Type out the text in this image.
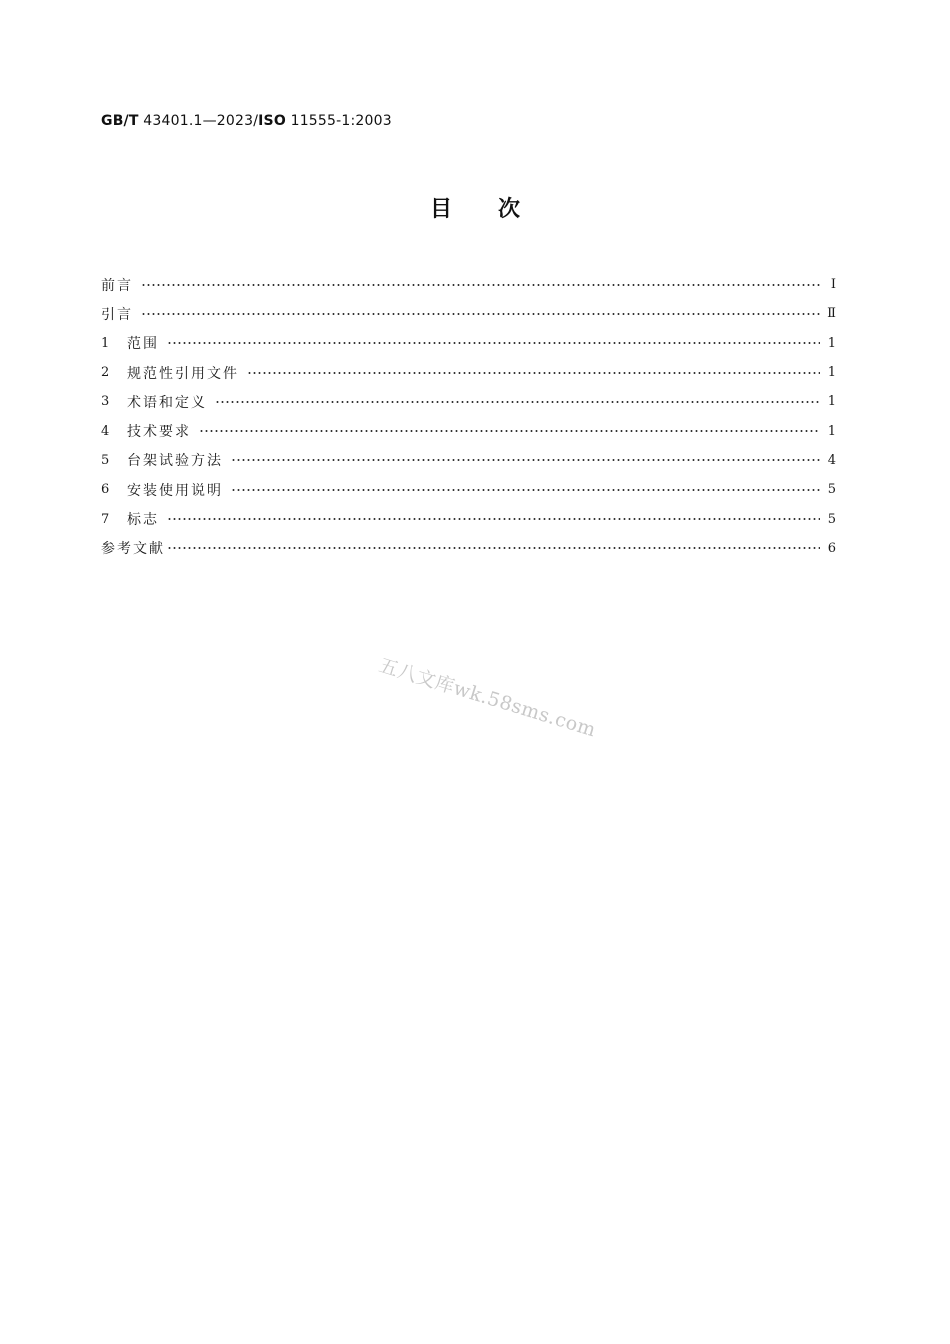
GB/T 43401.1—2023/ISO 11555-1:2003
目 次
前言	Ⅰ
引言	Ⅱ
1	范围	1
2	规范性引用文件	1
3	术语和定义	1
4	技术要求	1
5	台架试验方法	4
6	安装使用说明	5
7	标志	5
参考文献	6
五八文库wk.58sms.com
